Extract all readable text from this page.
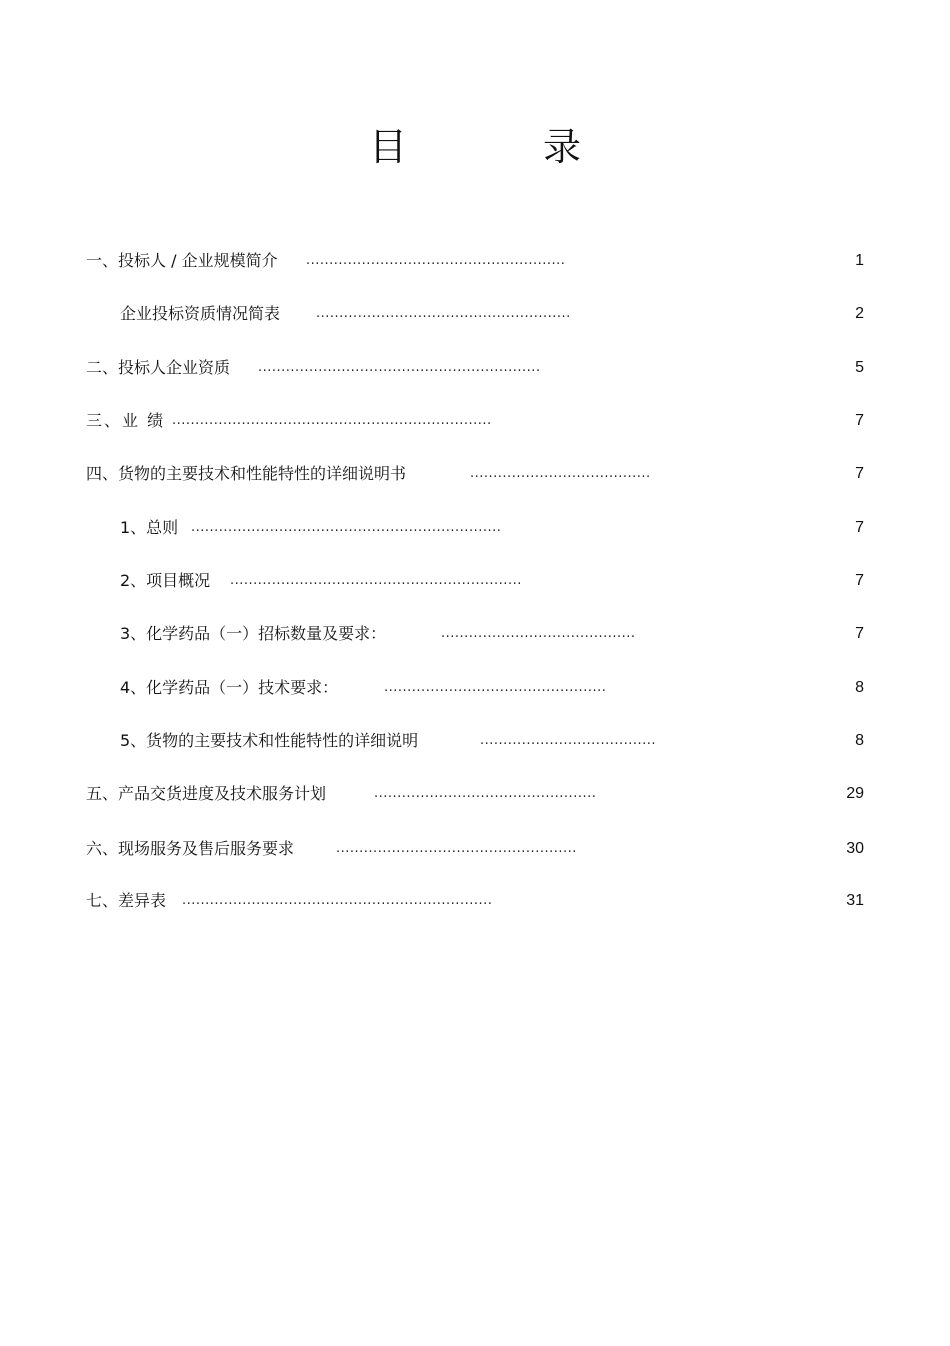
目 录
一、投标人 / 企业规模简介 ........................................................	1
企业投标资质情况简表	.......................................................	2
二、投标人企业资质 .............................................................	5
三、业 绩 .....................................................................	7
四、货物的主要技术和性能特性的详细说明书	.......................................	7
1、总则 ...................................................................	7
2、项目概况 ...............................................................	7
3、化学药品（一）招标数量及要求：	..........................................	7
4、化学药品（一）技术要求：	................................................	8
5、货物的主要技术和性能特性的详细说明	......................................	8
五、产品交货进度及技术服务计划	................................................	29
六、现场服务及售后服务要求	....................................................	30
七、差异表 ...................................................................	31
